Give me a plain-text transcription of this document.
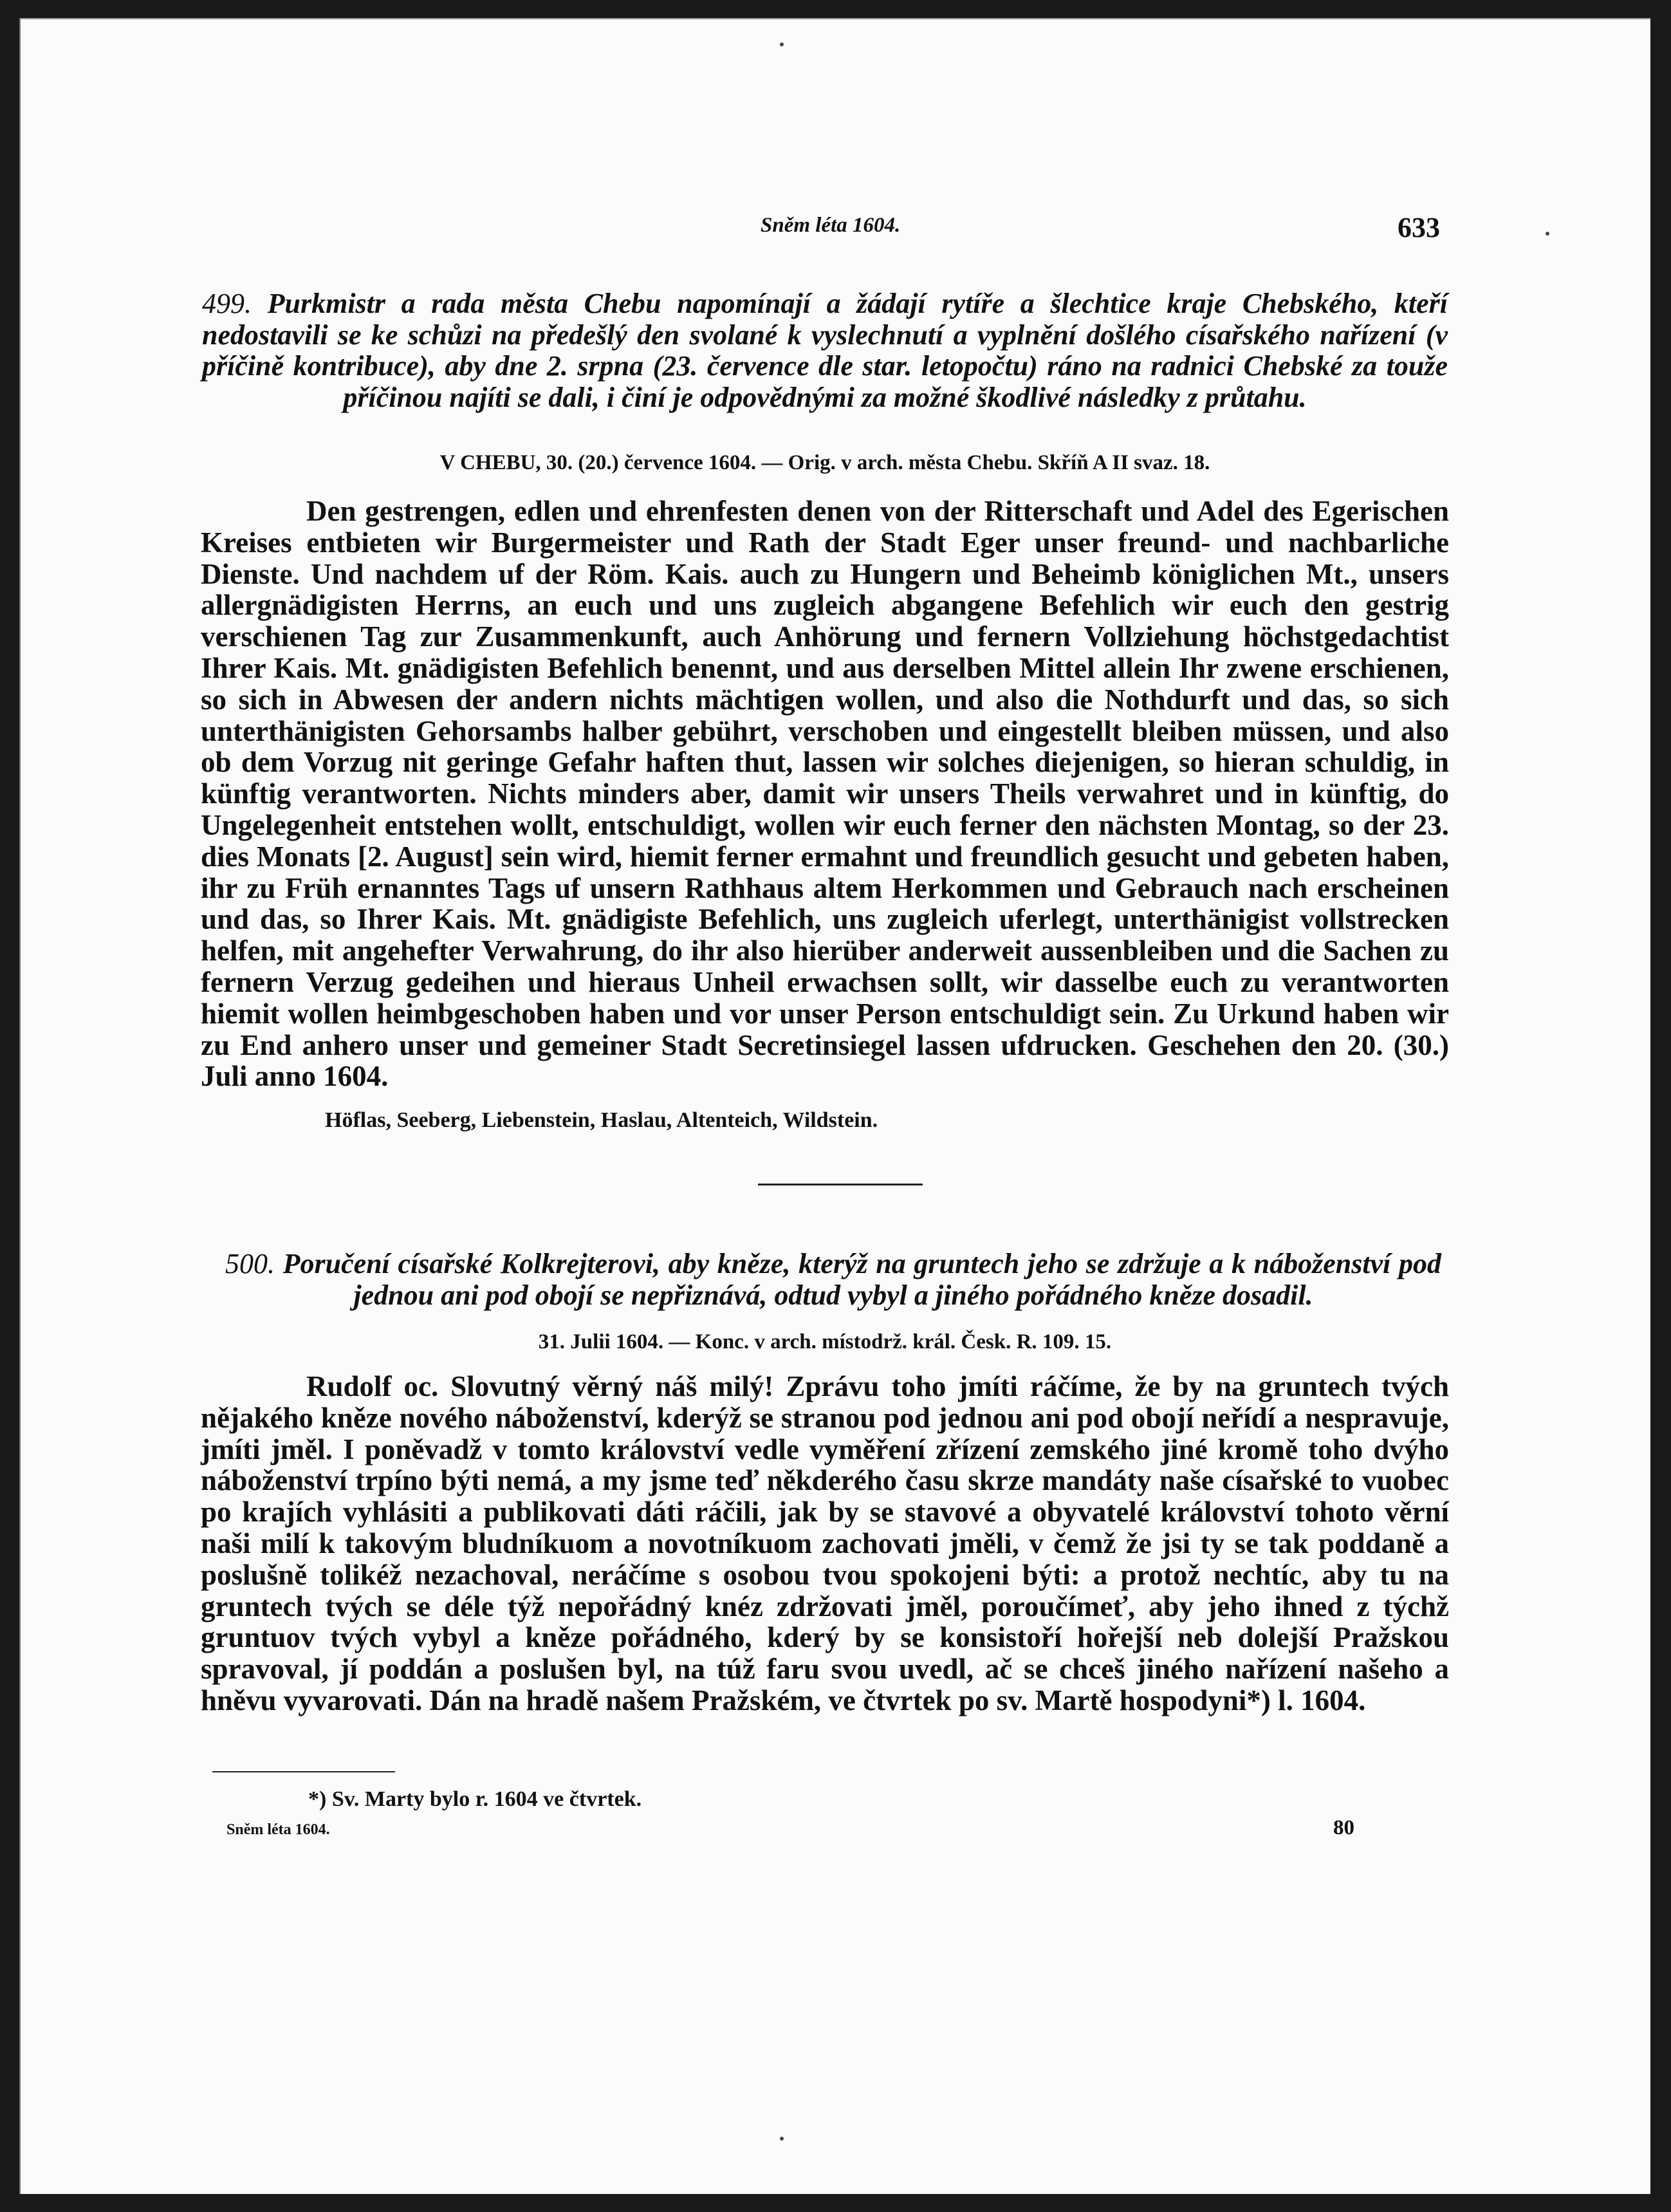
Sněm léta 1604.	633
499. Purkmistr a rada města Chebu napomínají a žádají rytíře a šlechtice kraje Chebského, kteří nedostavili se ke schůzi na předešlý den svolané k vyslechnutí a vyplnění došlého císařského nařízení (v příčině kontribuce), aby dne 2. srpna (23. července dle star. letopočtu) ráno na radnici Chebské za touže příčinou najíti se dali, i činí je odpovědnými za možné škodlivé následky z průtahu.
V CHEBU, 30. (20.) července 1604. — Orig. v arch. města Chebu. Skříň A II svaz. 18.
Den gestrengen, edlen und ehrenfesten denen von der Ritterschaft und Adel des Egerischen Kreises entbieten wir Burgermeister und Rath der Stadt Eger unser freund- und nachbarliche Dienste. Und nachdem uf der Röm. Kais. auch zu Hungern und Beheimb königlichen Mt., unsers allergnädigisten Herrns, an euch und uns zugleich abgangene Befehlich wir euch den gestrig verschienen Tag zur Zusammenkunft, auch Anhörung und fernern Vollziehung höchstgedachtist Ihrer Kais. Mt. gnädigisten Befehlich benennt, und aus derselben Mittel allein Ihr zwene erschienen, so sich in Abwesen der andern nichts mächtigen wollen, und also die Nothdurft und das, so sich unterthänigisten Gehorsambs halber gebührt, verschoben und eingestellt bleiben müssen, und also ob dem Vorzug nit geringe Gefahr haften thut, lassen wir solches diejenigen, so hieran schuldig, in künftig verantworten. Nichts minders aber, damit wir unsers Theils verwahret und in künftig, do Ungelegenheit entstehen wollt, entschuldigt, wollen wir euch ferner den nächsten Montag, so der 23. dies Monats [2. August] sein wird, hiemit ferner ermahnt und freundlich gesucht und gebeten haben, ihr zu Früh ernanntes Tags uf unsern Rathhaus altem Herkommen und Gebrauch nach erscheinen und das, so Ihrer Kais. Mt. gnädigiste Befehlich, uns zugleich uferlegt, unterthänigist vollstrecken helfen, mit angehefter Verwahrung, do ihr also hierüber anderweit aussenbleiben und die Sachen zu fernern Verzug gedeihen und hieraus Unheil erwachsen sollt, wir dasselbe euch zu verantworten hiemit wollen heimbgeschoben haben und vor unser Person entschuldigt sein. Zu Urkund haben wir zu End anhero unser und gemeiner Stadt Secretinsiegel lassen ufdrucken. Geschehen den 20. (30.) Juli anno 1604.
Höflas, Seeberg, Liebenstein, Haslau, Altenteich, Wildstein.
500. Poručení císařské Kolkrejterovi, aby kněze, kterýž na gruntech jeho se zdržuje a k náboženství pod jednou ani pod obojí se nepřiznává, odtud vybyl a jiného pořádného kněze dosadil.
31. Julii 1604. — Konc. v arch. místodrž. král. Česk. R. 109. 15.
Rudolf oc. Slovutný věrný náš milý! Zprávu toho jmíti ráčíme, že by na gruntech tvých nějakého kněze nového náboženství, kderýž se stranou pod jednou ani pod obojí neřídí a nespravuje, jmíti jměl. I poněvadž v tomto království vedle vyměření zřízení zemského jiné kromě toho dvýho náboženství trpíno býti nemá, a my jsme teď někderého času skrze mandáty naše císařské to vuobec po krajích vyhlásiti a publikovati dáti ráčili, jak by se stavové a obyvatelé království tohoto věrní naši milí k takovým bludníkuom a novotníkuom zachovati jměli, v čemž že jsi ty se tak poddaně a poslušně tolikéž nezachoval, neráčíme s osobou tvou spokojeni býti: a protož nechtíc, aby tu na gruntech tvých se déle týž nepořádný knéz zdržovati jměl, poroučímeť, aby jeho ihned z týchž gruntuov tvých vybyl a kněze pořádného, kderý by se konsistoří hořejší neb dolejší Pražskou spravoval, jí poddán a poslušen byl, na túž faru svou uvedl, ač se chceš jiného nařízení našeho a hněvu vyvarovati. Dán na hradě našem Pražském, ve čtvrtek po sv. Martě hospodyni*) l. 1604.
*) Sv. Marty bylo r. 1604 ve čtvrtek.
Sněm léta 1604.	80
